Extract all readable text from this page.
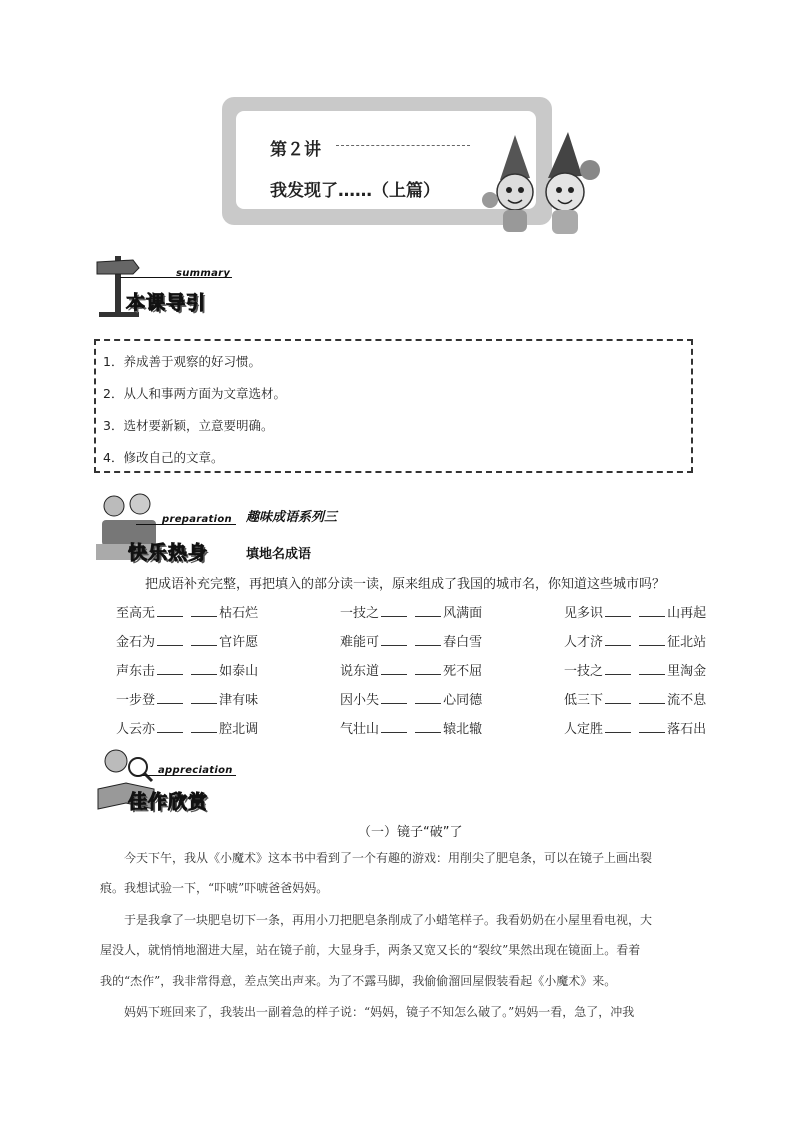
第２讲
我发现了……（上篇）
summary
本课导引
1．养成善于观察的好习惯。
2．从人和事两方面为文章选材。
3．选材要新颖，立意要明确。
4．修改自己的文章。
preparation
快乐热身
趣味成语系列三
填地名成语
把成语补充完整，再把填入的部分读一读，原来组成了我国的城市名，你知道这些城市吗？
至高无	枯石烂	一技之	风满面	见多识	山再起
金石为	官许愿	难能可	春白雪	人才济	征北站
声东击	如泰山	说东道	死不屈	一技之	里淘金
一步登	津有味	因小失	心同德	低三下	流不息
人云亦	腔北调	气壮山	辕北辙	人定胜	落石出
appreciation
佳作欣赏
（一）镜子“破”了
今天下午，我从《小魔术》这本书中看到了一个有趣的游戏：用削尖了肥皂条，可以在镜子上画出裂
痕。我想试验一下，“吓唬”吓唬爸爸妈妈。
于是我拿了一块肥皂切下一条，再用小刀把肥皂条削成了小蜡笔样子。我看奶奶在小屋里看电视，大
屋没人，就悄悄地溜进大屋，站在镜子前，大显身手，两条又宽又长的“裂纹”果然出现在镜面上。看着
我的“杰作”，我非常得意，差点笑出声来。为了不露马脚，我偷偷溜回屋假装看起《小魔术》来。
妈妈下班回来了，我装出一副着急的样子说：“妈妈，镜子不知怎么破了。”妈妈一看，急了，冲我
